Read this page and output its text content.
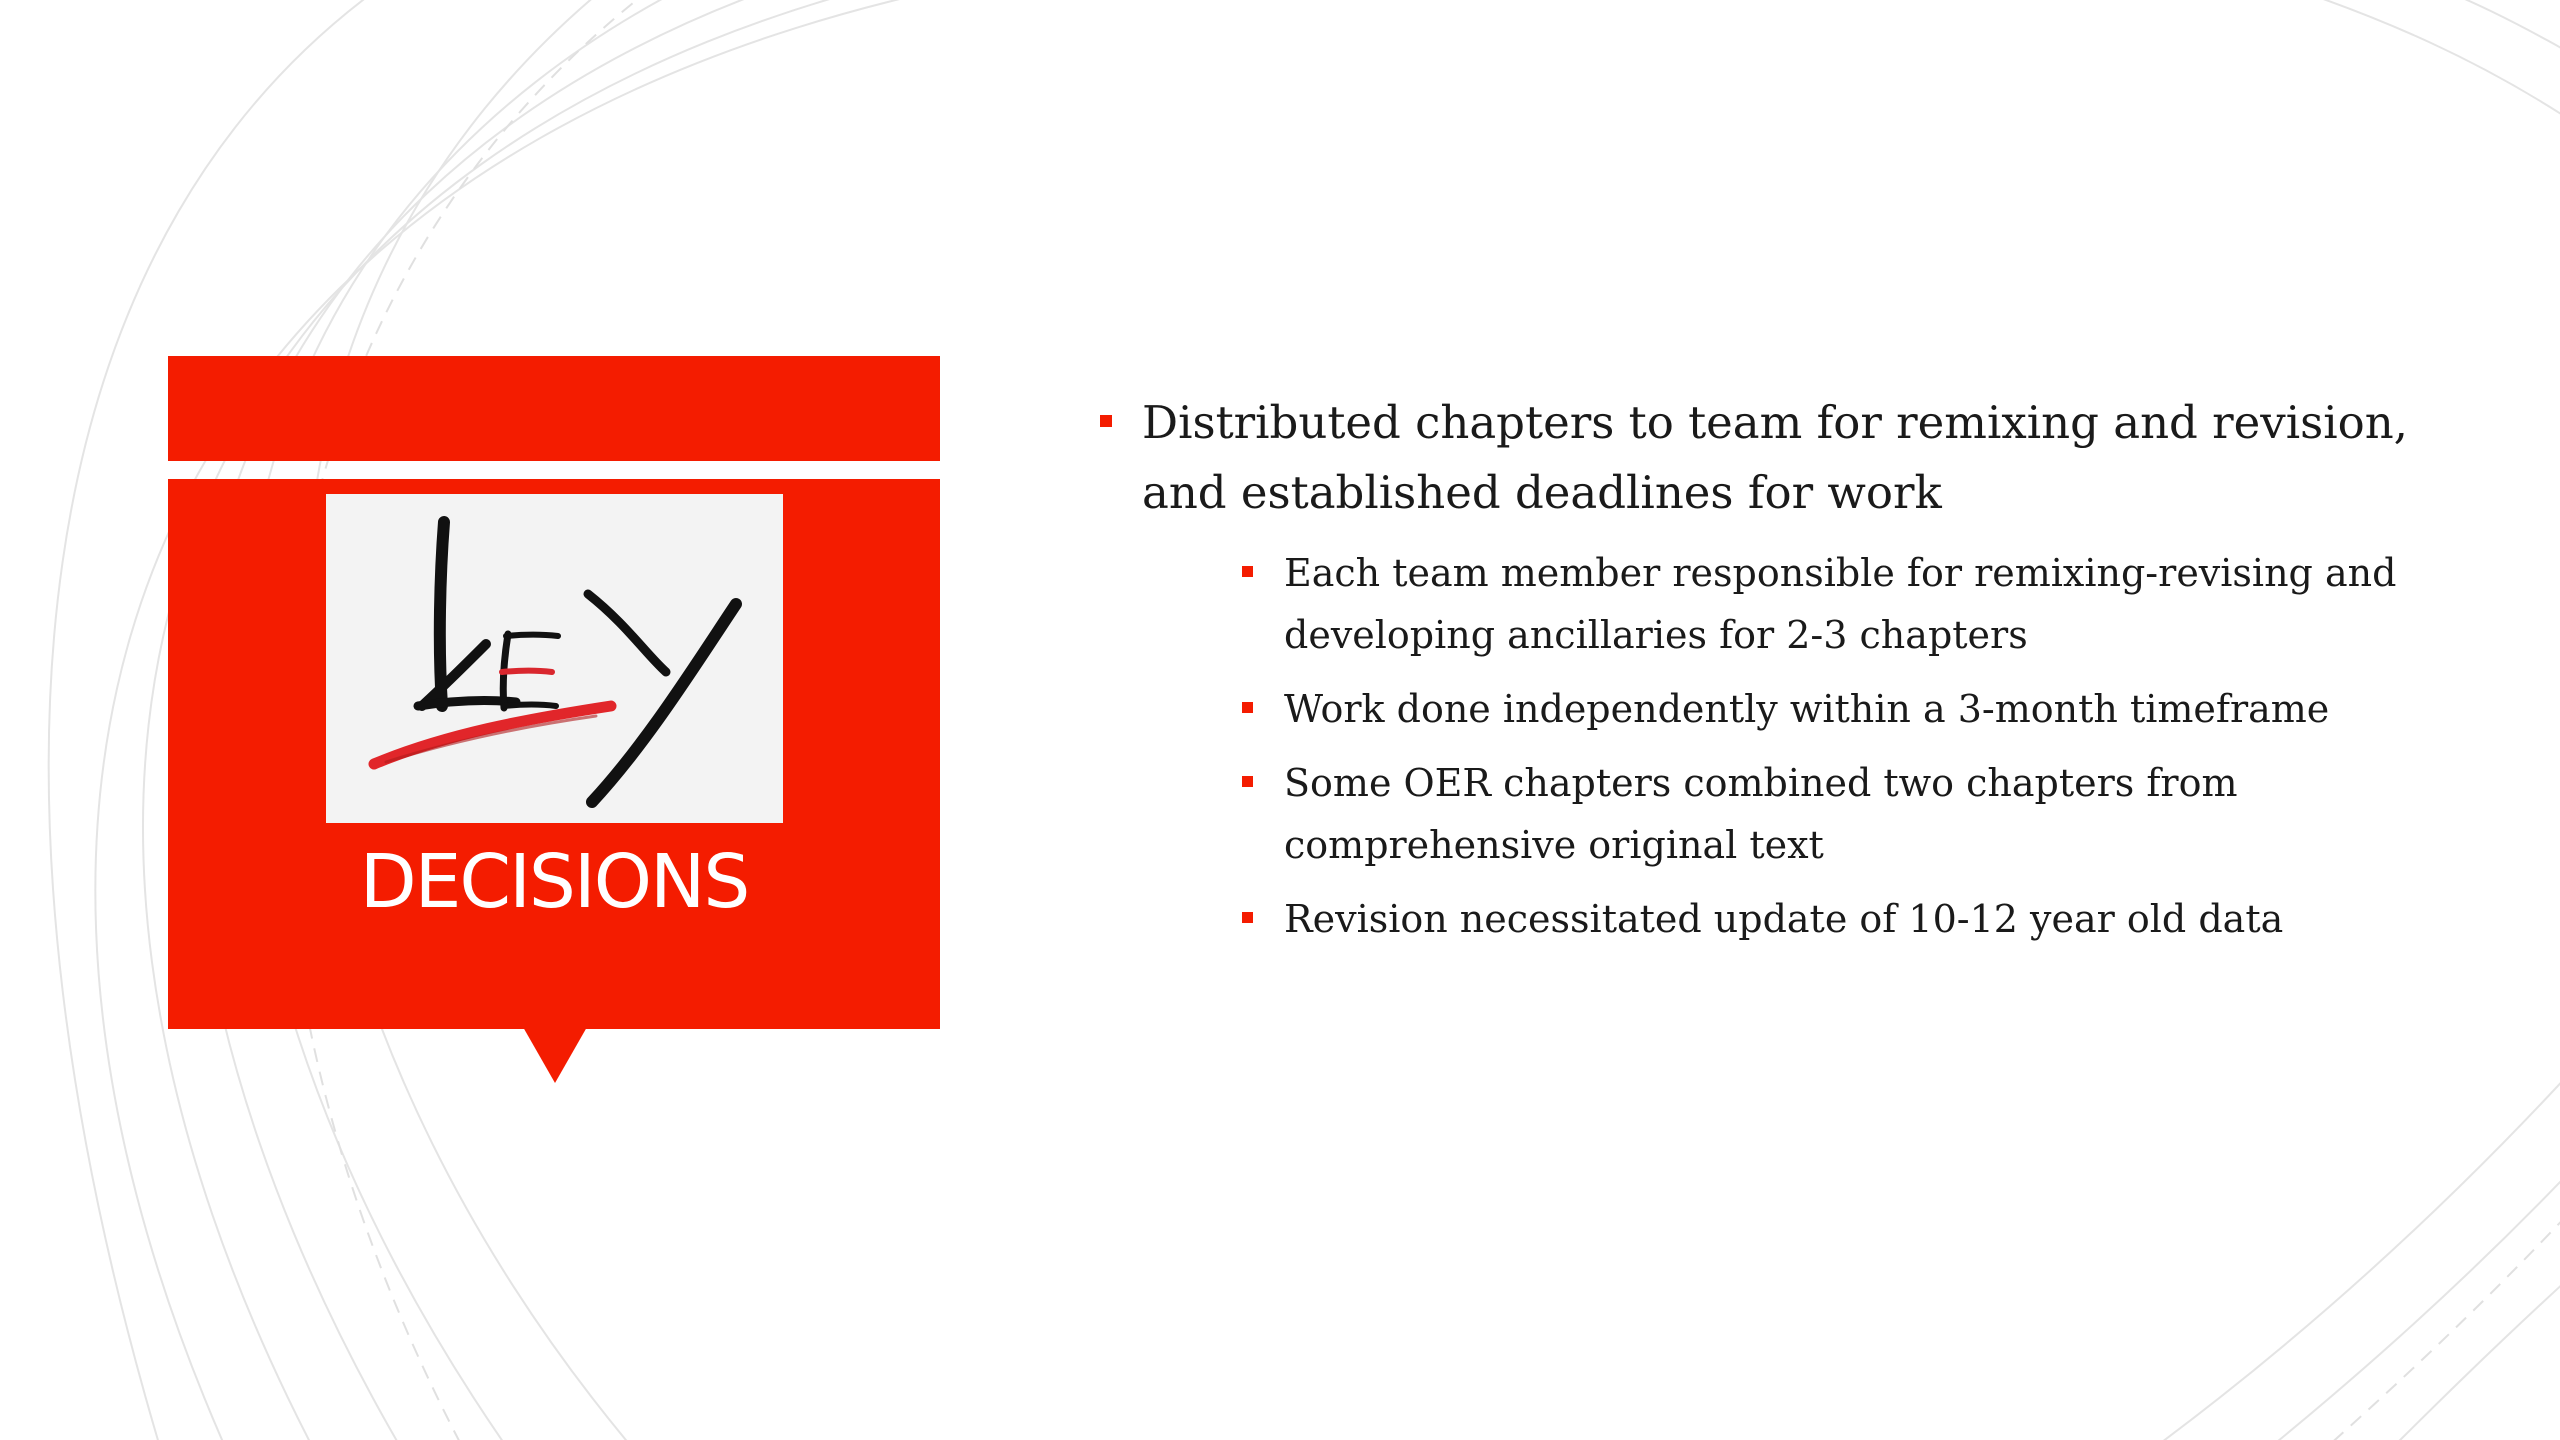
DECISIONS
Distributed chapters to team for remixing and revision, and established deadlines for work
Each team member responsible for remixing-revising and developing ancillaries for 2-3 chapters
Work done independently within a 3-month timeframe
Some OER chapters combined two chapters from comprehensive original text
Revision necessitated update of 10-12 year old data
